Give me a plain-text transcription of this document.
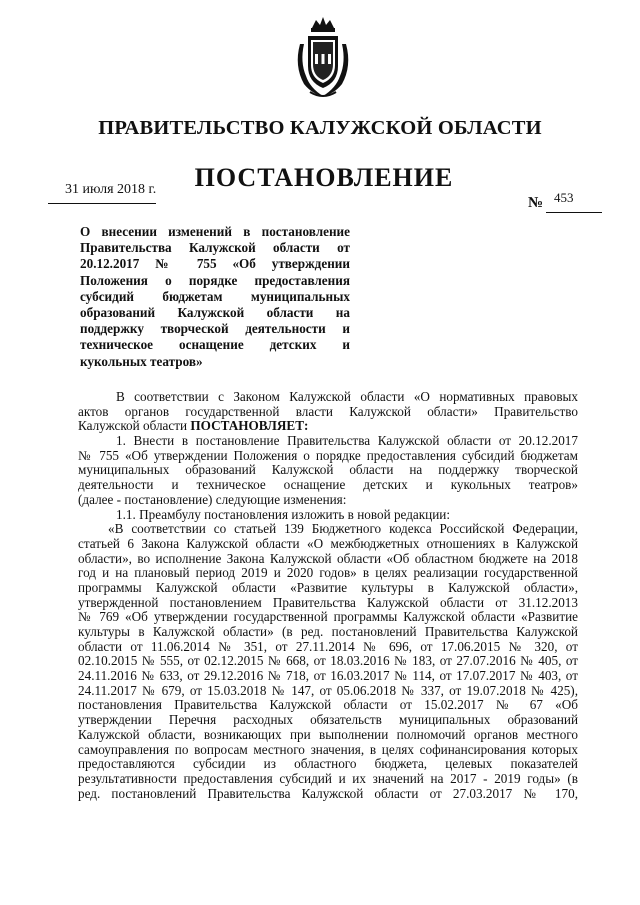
ПРАВИТЕЛЬСТВО КАЛУЖСКОЙ ОБЛАСТИ
ПОСТАНОВЛЕНИЕ
31 июля 2018 г.
№ 453
О внесении изменений в постановление
Правительства Калужской области от
20.12.2017 № 755 «Об утверждении
Положения о порядке предоставления
субсидий бюджетам муниципальных
образований Калужской области на
поддержку творческой деятельности и
техническое оснащение детских и
кукольных театров»
В соответствии с Законом Калужской области «О нормативных правовых
актов органов государственной власти Калужской области» Правительство
Калужской области ПОСТАНОВЛЯЕТ:
1. Внести в постановление Правительства Калужской области от 20.12.2017
№ 755 «Об утверждении Положения о порядке предоставления субсидий бюджетам
муниципальных образований Калужской области на поддержку творческой
деятельности и техническое оснащение детских и кукольных театров»
(далее - постановление) следующие изменения:
1.1. Преамбулу постановления изложить в новой редакции:
«В соответствии со статьей 139 Бюджетного кодекса Российской Федерации,
статьей 6 Закона Калужской области «О межбюджетных отношениях в Калужской
области», во исполнение Закона Калужской области «Об областном бюджете на 2018
год и на плановый период 2019 и 2020 годов» в целях реализации государственной
программы Калужской области «Развитие культуры в Калужской области»,
утвержденной постановлением Правительства Калужской области от 31.12.2013
№ 769 «Об утверждении государственной программы Калужской области «Развитие
культуры в Калужской области» (в ред. постановлений Правительства Калужской
области от 11.06.2014 № 351, от 27.11.2014 № 696, от 17.06.2015 № 320, от
02.10.2015 № 555, от 02.12.2015 № 668, от 18.03.2016 № 183, от 27.07.2016 № 405, от
24.11.2016 № 633, от 29.12.2016 № 718, от 16.03.2017 № 114, от 17.07.2017 № 403, от
24.11.2017 № 679, от 15.03.2018 № 147, от 05.06.2018 № 337, от 19.07.2018 № 425),
постановления Правительства Калужской области от 15.02.2017 № 67 «Об
утверждении Перечня расходных обязательств муниципальных образований
Калужской области, возникающих при выполнении полномочий органов местного
самоуправления по вопросам местного значения, в целях софинансирования которых
предоставляются субсидии из областного бюджета, целевых показателей
результативности предоставления субсидий и их значений на 2017 - 2019 годы» (в
ред. постановлений Правительства Калужской области от 27.03.2017 № 170,
